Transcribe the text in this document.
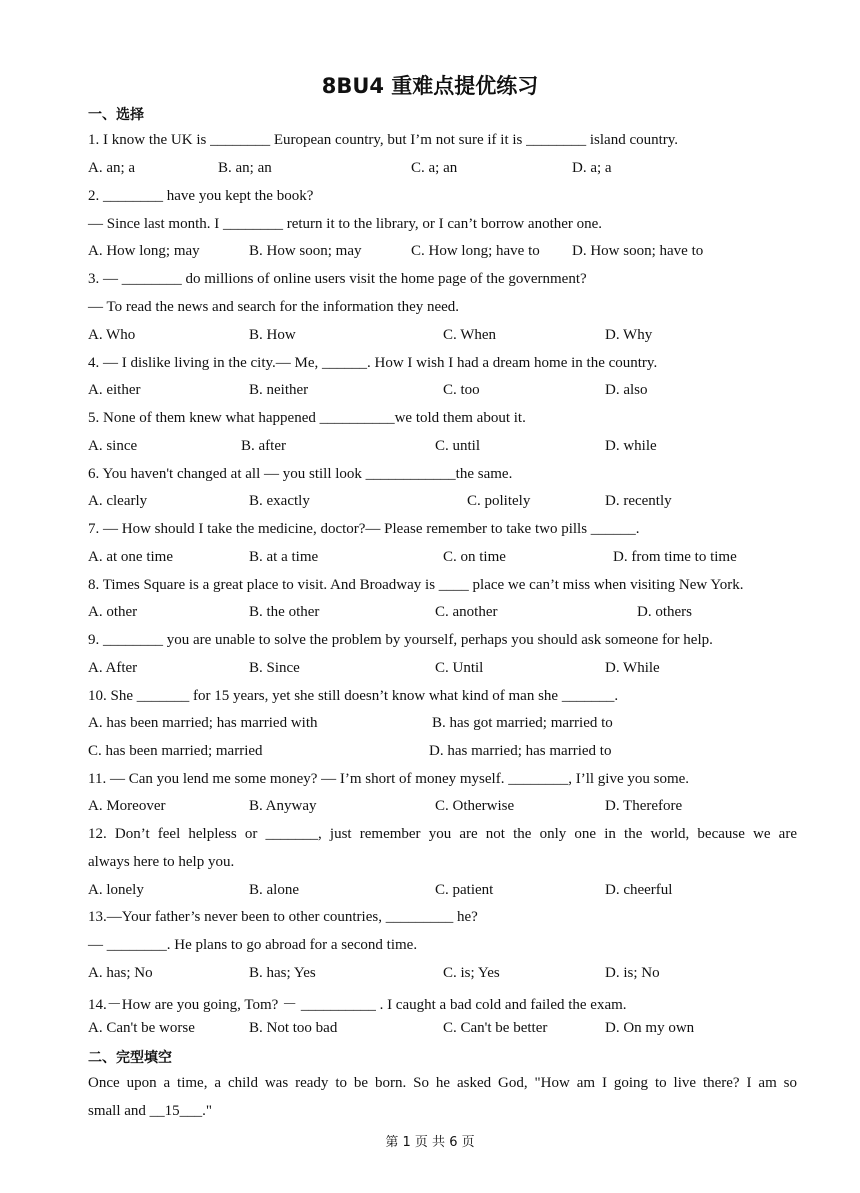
8BU4 重难点提优练习
一、选择
1. I know the UK is ________ European country, but I’m not sure if it is ________ island country.
A. an; a	B. an; an	C. a; an	D. a; a
2. ________ have you kept the book?
— Since last month. I ________ return it to the library, or I can’t borrow another one.
A. How long; may	B. How soon; may	C. How long; have to D. How soon; have to
3. — ________ do millions of online users visit the home page of the government?
— To read the news and search for the information they need.
A. Who	B. How	C. When	D. Why
4. — I dislike living in the city.— Me, ______. How I wish I had a dream home in the country.
A. either	B. neither	C. too	D. also
5. None of them knew what happened __________we told them about it.
A. since	B. after	C. until	D. while
6. You haven't changed at all — you still look ____________the same.
A. clearly	B. exactly	C. politely	D. recently
7. — How should I take the medicine, doctor?— Please remember to take two pills ______.
A. at one time	B. at a time	C. on time	D. from time to time
8. Times Square is a great place to visit. And Broadway is ____ place we can’t miss when visiting New York.
A. other	B. the other	C. another	D. others
9. ________ you are unable to solve the problem by yourself, perhaps you should ask someone for help.
A. After	B. Since	C. Until	D. While
10. She _______ for 15 years, yet she still doesn’t know what kind of man she _______.
A. has been married; has married with	B. has got married; married to
C. has been married; married	D. has married; has married to
11. — Can you lend me some money? — I’m short of money myself. ________, I’ll give you some.
A. Moreover	B. Anyway	C. Otherwise	D. Therefore
12. Don’t feel helpless or _______, just remember you are not the only one in the world, because we are
always here to help you.
A. lonely	B. alone	C. patient	D. cheerful
13.—Your father’s never been to other countries, _________ he?
— ________. He plans to go abroad for a second time.
A. has; No	B. has; Yes	C. is; Yes	D. is; No
14.－How are you going, Tom? － __________ . I caught a bad cold and failed the exam.
A. Can't be worse	B. Not too bad	C. Can't be better	D. On my own
二、完型填空
Once upon a time, a child was ready to be born. So he asked God, "How am I going to live there? I am so
small and __15___."
第 1 页 共 6 页
